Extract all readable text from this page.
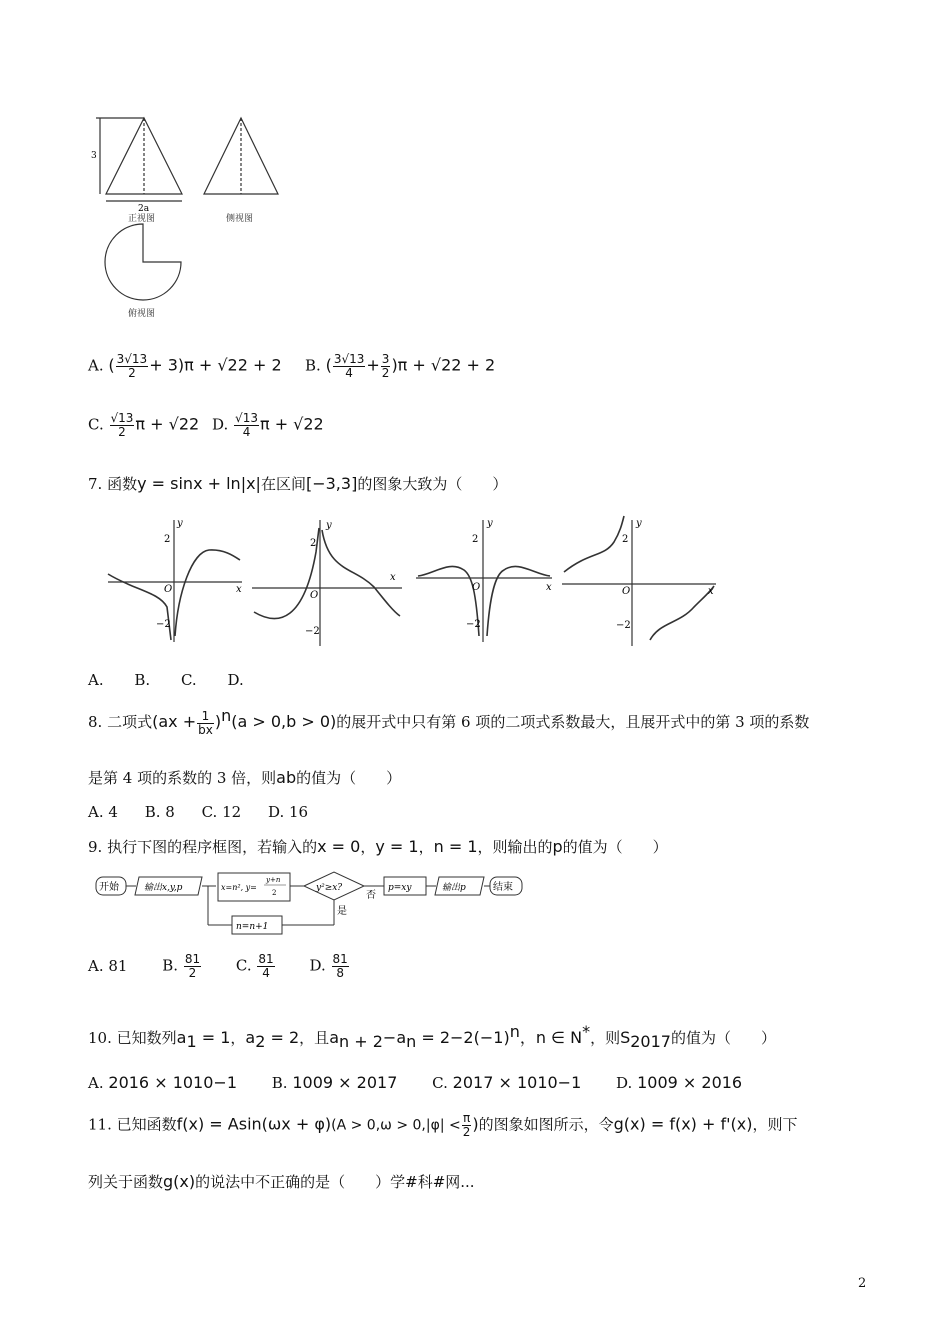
3
2a
正视图	侧视图
俯视图
A. ( $\frac{3√13}{2} + 3)\pi + √22 + 2$ B. ( $\frac{3√13}{4} + \frac{3}{2} )\pi + √22 + 2$
C. $\frac{√13}{2}$ π + √22 D. $\frac{√13}{4}$ π + √22
7. 函数y = sinx + ln|x|在区间[−3,3]的图象大致为（　　）
y
x
O
2
−2
y
x
O
2
−2
y
x
O
2
−2
y
x
O
2
−2
A. B. C. D.
8. 二项式$(ax + \frac{1}{bx} )^n(a > 0,b > 0)$的展开式中只有第 6 项的二项式系数最大，且展开式中的第 3 项的系数
是第 4 项的系数的 3 倍，则ab的值为（　　）
A. 4 B. 8 C. 12 D. 16
9. 执行下图的程序框图，若输入的x = 0，y = 1，n = 1，则输出的p的值为（　　）
开始	输出x,y,p	x=n², y=
y+n
2	y²≥x?
否
是
p=xy	输出p	结束
n=n+1
A. 81 B. $\frac{81}{2} C$. $\frac{81}{4} D$. $\frac{81}{8}$
10. 已知数列$a_1 = 1$，$a_2 = 2$，且$a_{n + 2}-a_n = 2-2(-1)^n$，n ∈ N*，则$S_{2017}$的值为（　　）
A. 2016 × 1010−1 B. 1009 × 2017 C. 2017 × 1010−1 D. 1009 × 2016
11. 已知函数$f(x) = Asin(\omega x + \varphi)(A > 0,\omega > 0,|\varphi| < \frac{\pi}{2}$ )的图象如图所示，令g(x) = f(x) + f'(x)，则下
列关于函数g(x)的说法中不正确的是（　　）学#科#网...
2
